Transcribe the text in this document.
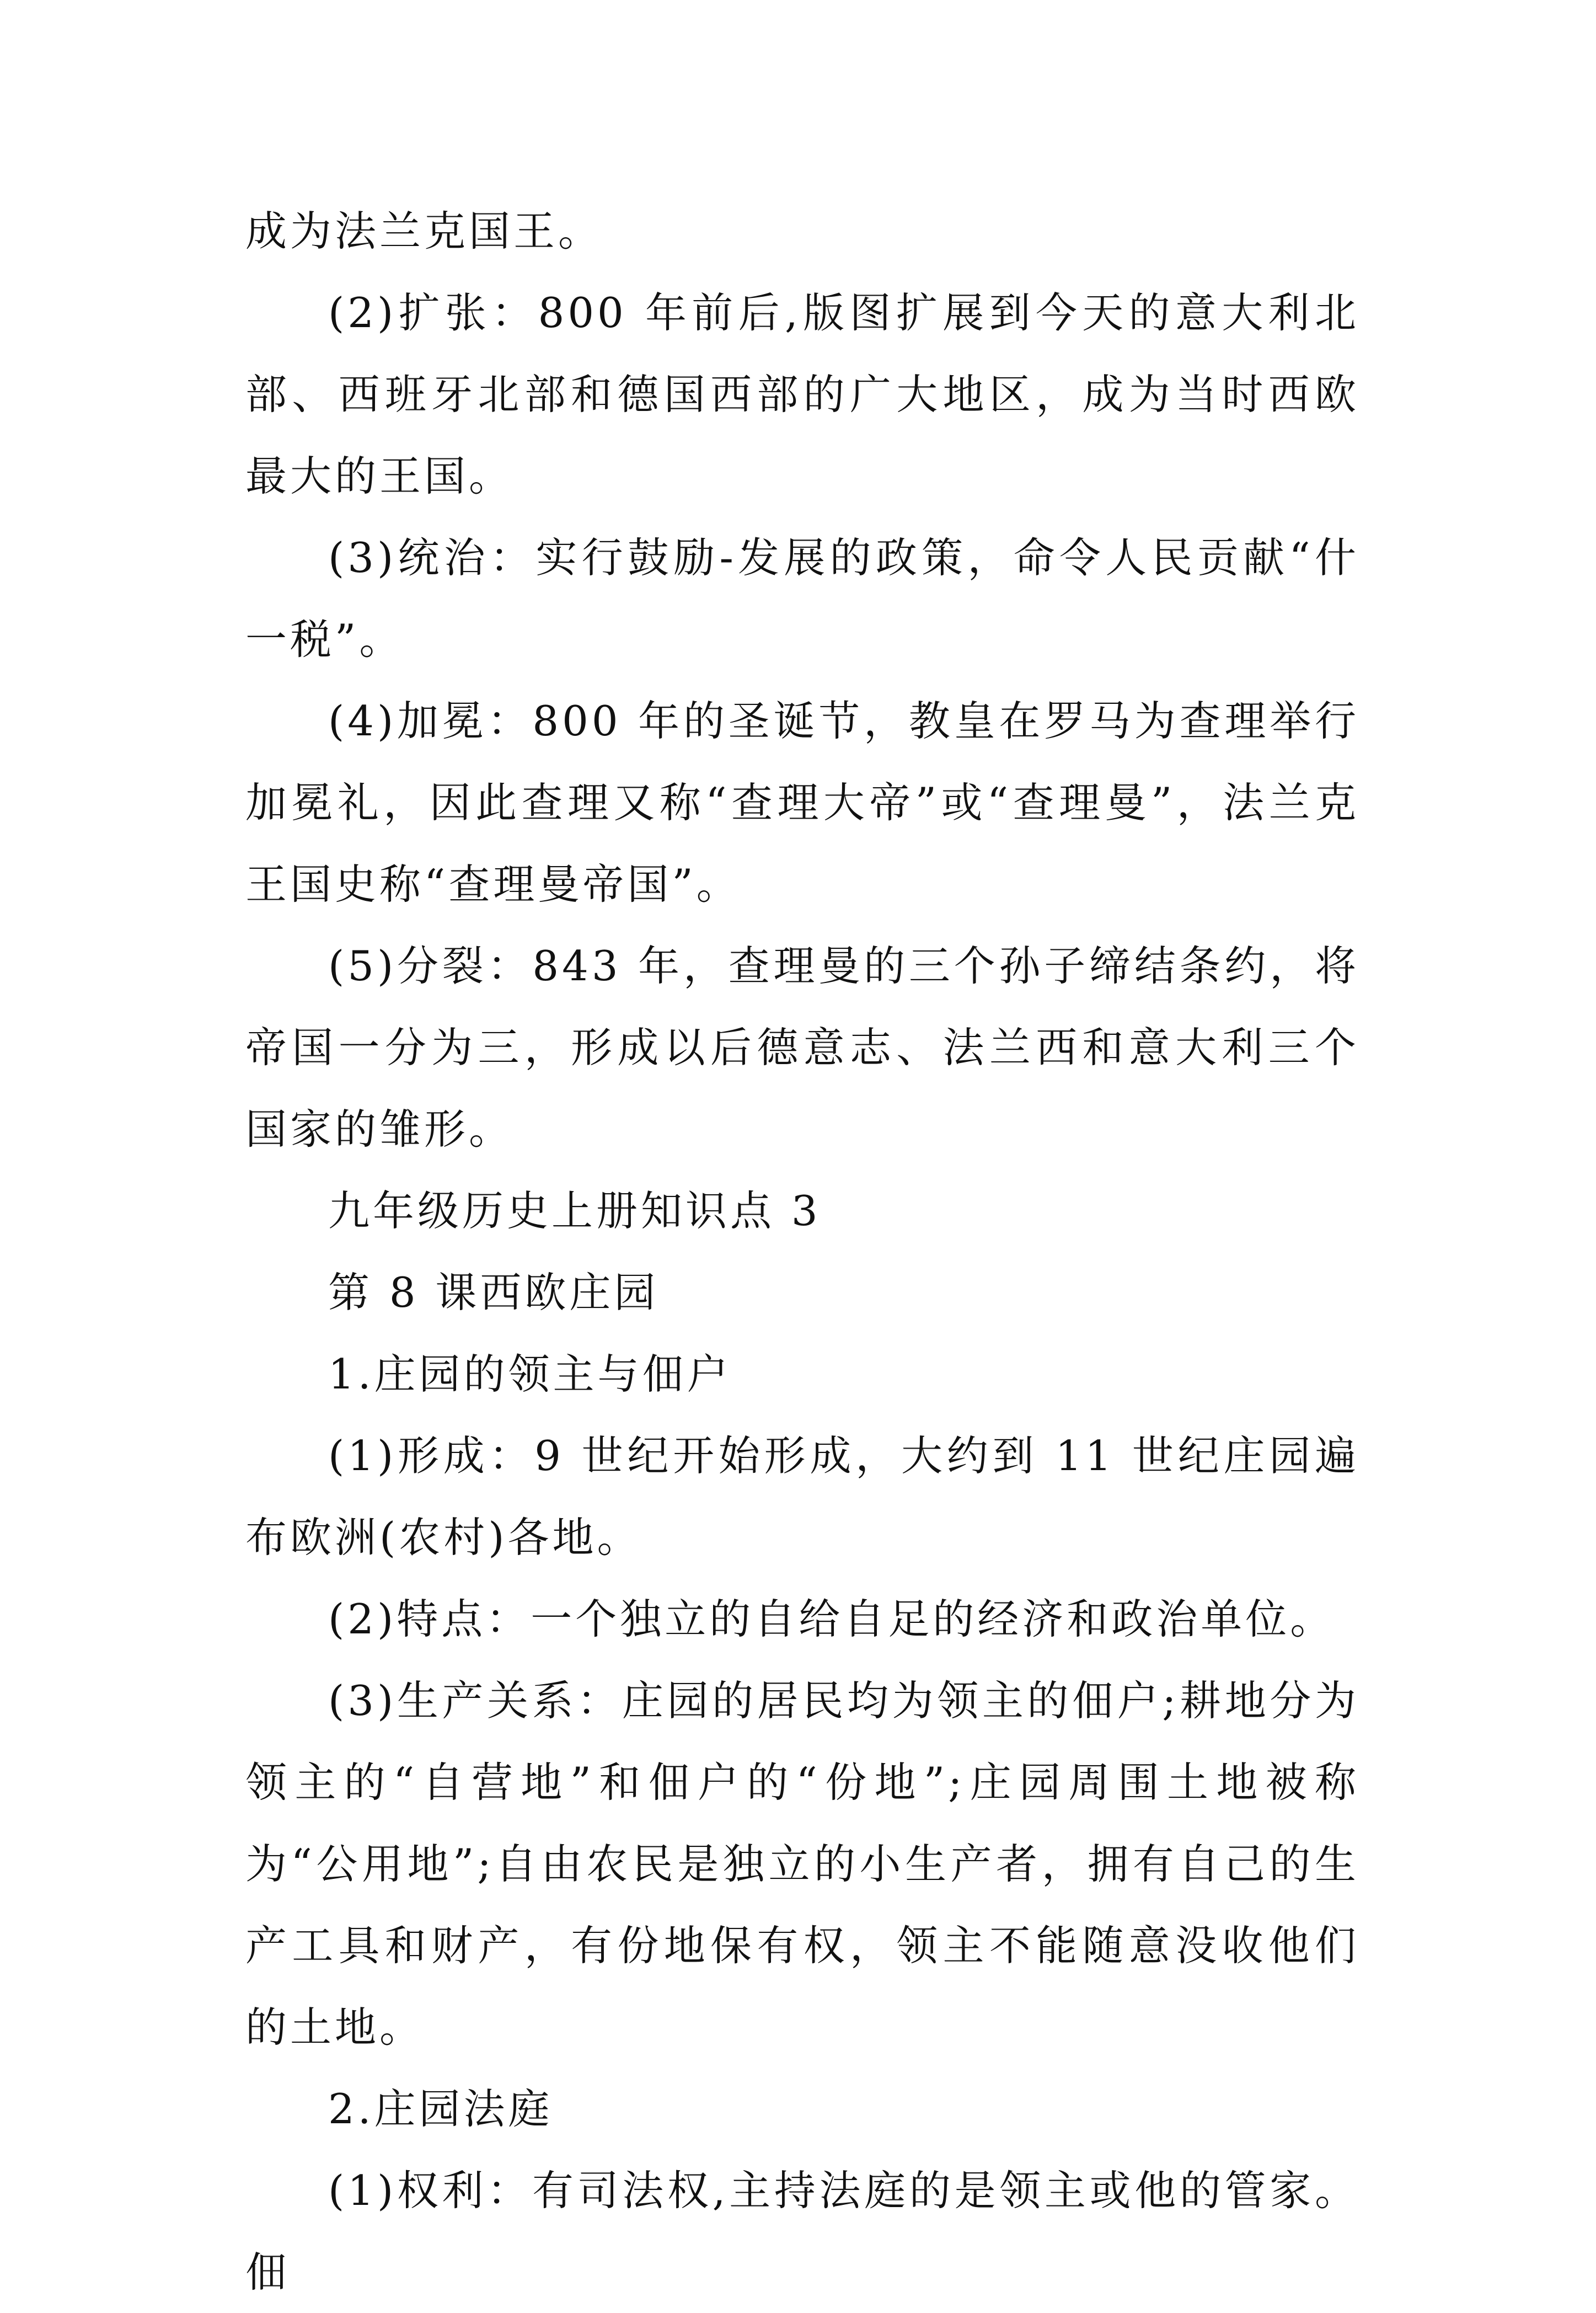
成为法兰克国王。

(2)扩张：800 年前后,版图扩展到今天的意大利北部、西班牙北部和德国西部的广大地区，成为当时西欧最大的王国。

(3)统治：实行鼓励-发展的政策，命令人民贡献“什一税”。

(4)加冕：800 年的圣诞节，教皇在罗马为查理举行加冕礼，因此查理又称“查理大帝”或“查理曼”，法兰克王国史称“查理曼帝国”。

(5)分裂：843 年，查理曼的三个孙子缔结条约，将帝国一分为三，形成以后德意志、法兰西和意大利三个国家的雏形。

九年级历史上册知识点 3

第 8 课西欧庄园

1.庄园的领主与佃户

(1)形成：9 世纪开始形成，大约到 11 世纪庄园遍布欧洲(农村)各地。

(2)特点：一个独立的自给自足的经济和政治单位。

(3)生产关系：庄园的居民均为领主的佃户;耕地分为领主的“自营地”和佃户的“份地”;庄园周围土地被称为“公用地”;自由农民是独立的小生产者，拥有自己的生产工具和财产，有份地保有权，领主不能随意没收他们的土地。

2.庄园法庭

(1)权利：有司法权,主持法庭的是领主或他的管家。佃
